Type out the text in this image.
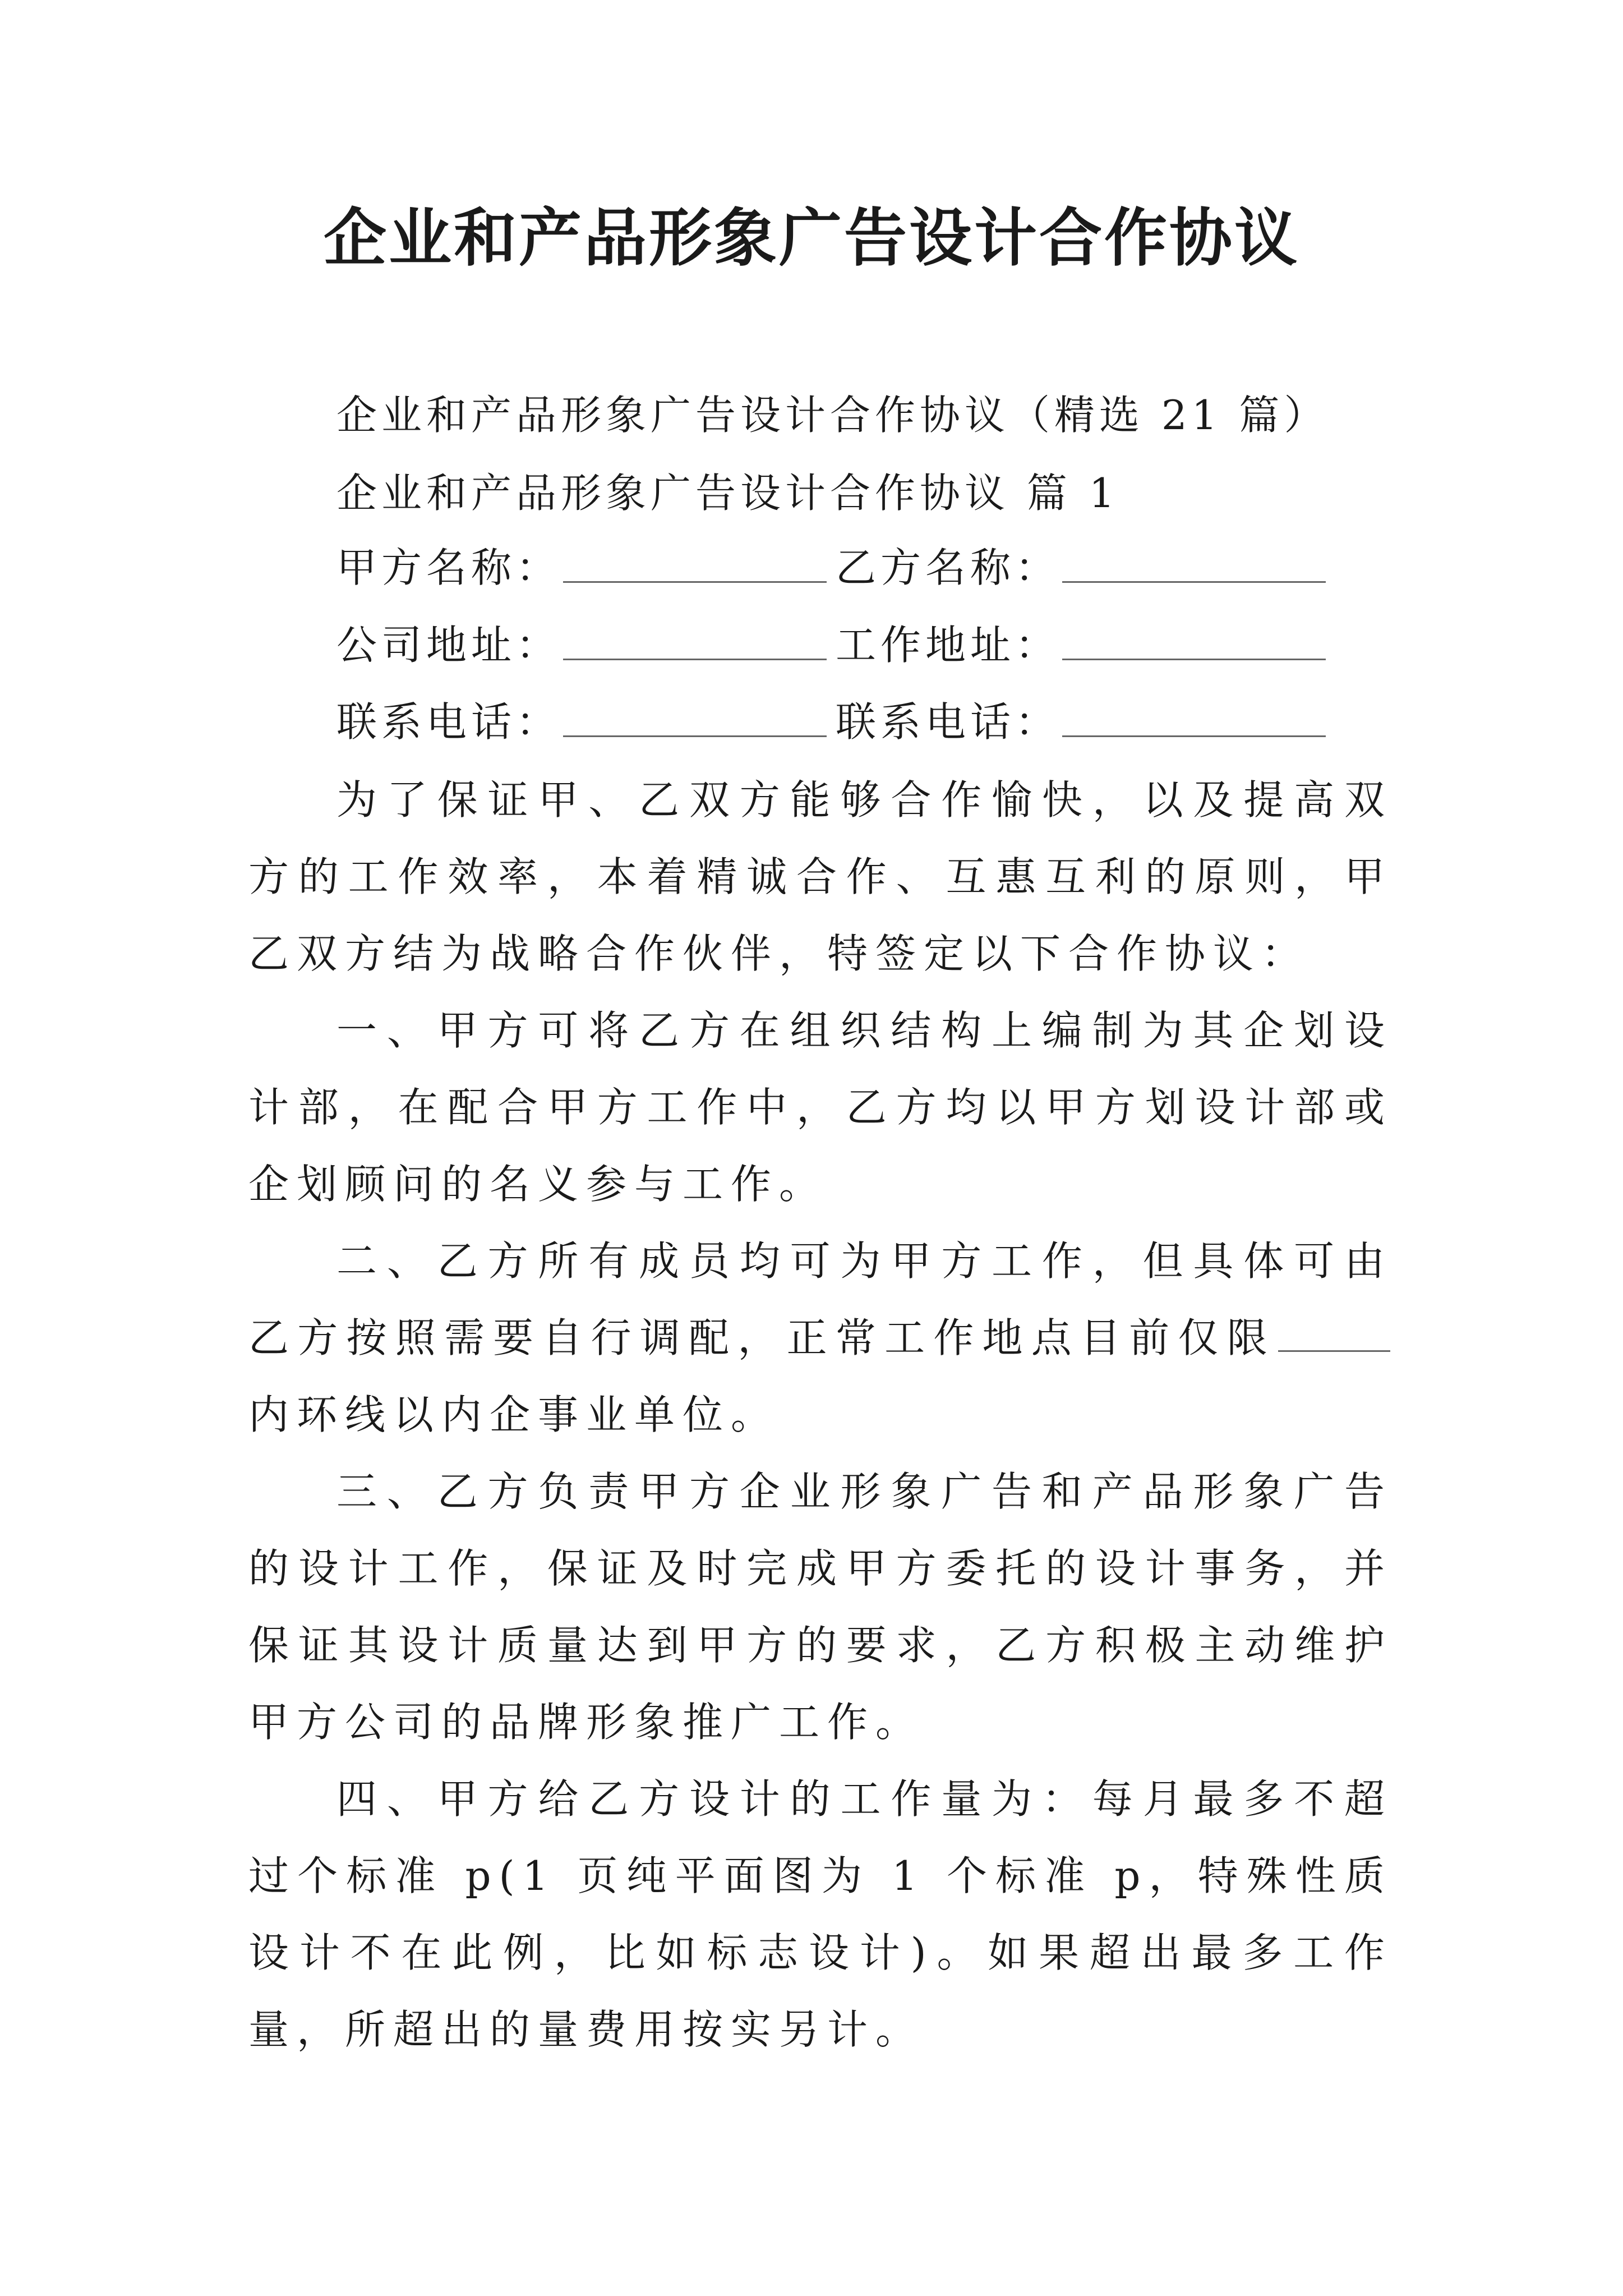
企业和产品形象广告设计合作协议
企业和产品形象广告设计合作协议（精选 21 篇）
企业和产品形象广告设计合作协议 篇 1
甲方名称：	乙方名称：
公司地址：	工作地址：
联系电话：	联系电话：

为了保证甲、乙双方能够合作愉快，以及提高双方的工作效率，本着精诚合作、互惠互利的原则，甲乙双方结为战略合作伙伴，特签定以下合作协议：

一、甲方可将乙方在组织结构上编制为其企划设计部，在配合甲方工作中，乙方均以甲方划设计部或企划顾问的名义参与工作。

二、乙方所有成员均可为甲方工作，但具体可由乙方按照需要自行调配，正常工作地点目前仅限内环线以内企事业单位。

三、乙方负责甲方企业形象广告和产品形象广告的设计工作，保证及时完成甲方委托的设计事务，并保证其设计质量达到甲方的要求，乙方积极主动维护甲方公司的品牌形象推广工作。

四、甲方给乙方设计的工作量为：每月最多不超过个标准 p(1 页纯平面图为 1 个标准 p，特殊性质设计不在此例，比如标志设计)。如果超出最多工作量，所超出的量费用按实另计。
